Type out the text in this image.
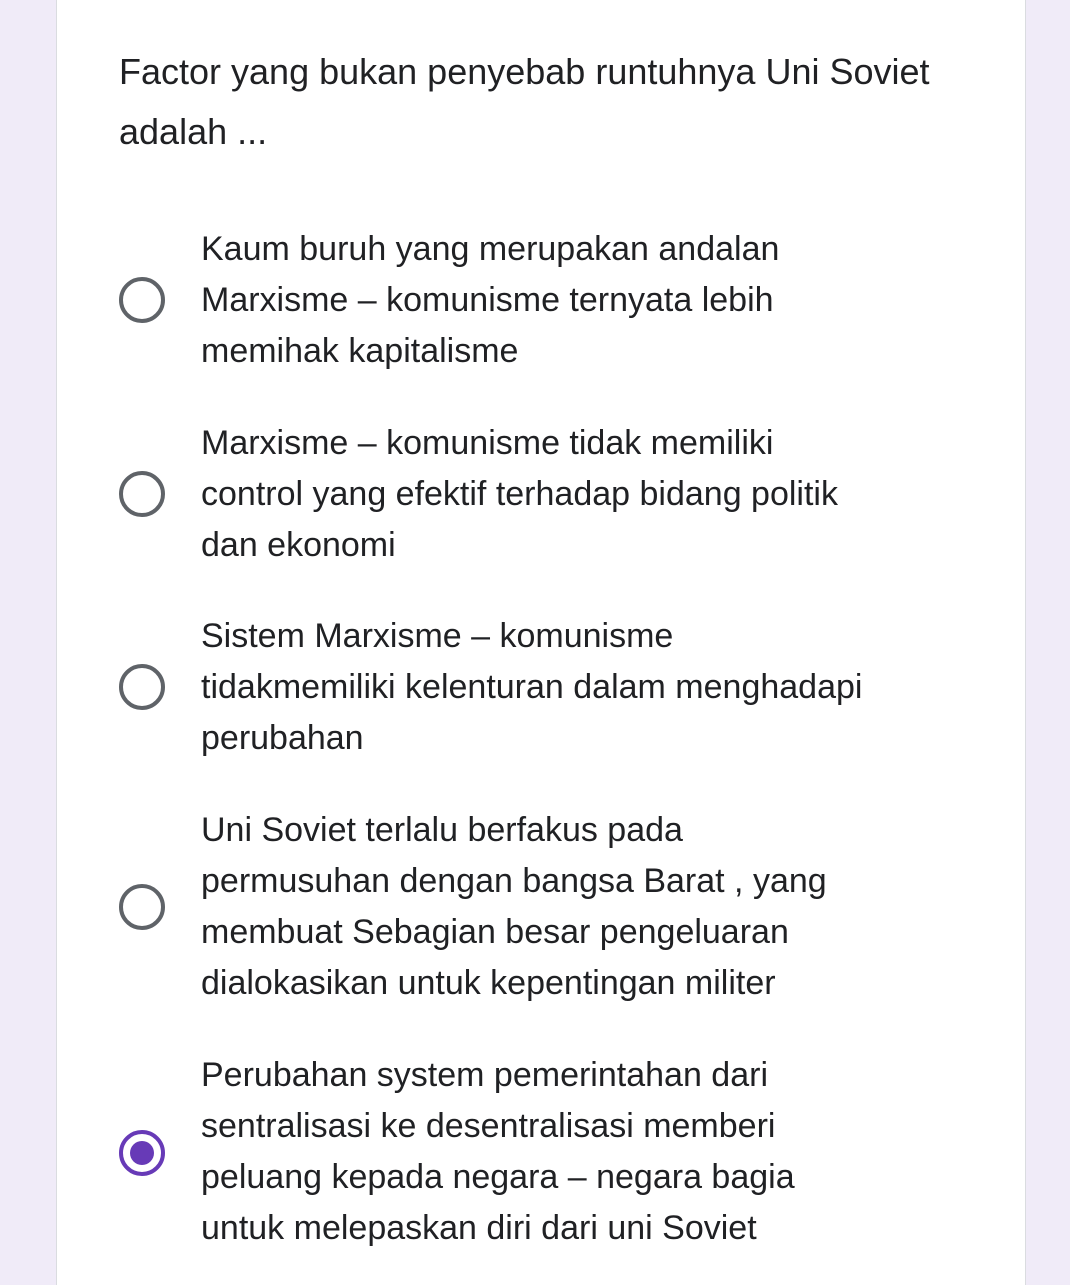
Factor yang bukan penyebab runtuhnya Uni Soviet adalah ...
Kaum buruh yang merupakan andalan
Marxisme – komunisme ternyata lebih
memihak kapitalisme
Marxisme – komunisme tidak memiliki
control yang efektif terhadap bidang politik
dan ekonomi
Sistem Marxisme – komunisme
tidakmemiliki kelenturan dalam menghadapi
perubahan
Uni Soviet terlalu berfakus pada
permusuhan dengan bangsa Barat , yang
membuat Sebagian besar pengeluaran
dialokasikan untuk kepentingan militer
Perubahan system pemerintahan dari
sentralisasi ke desentralisasi memberi
peluang kepada negara – negara bagia
untuk melepaskan diri dari uni Soviet
